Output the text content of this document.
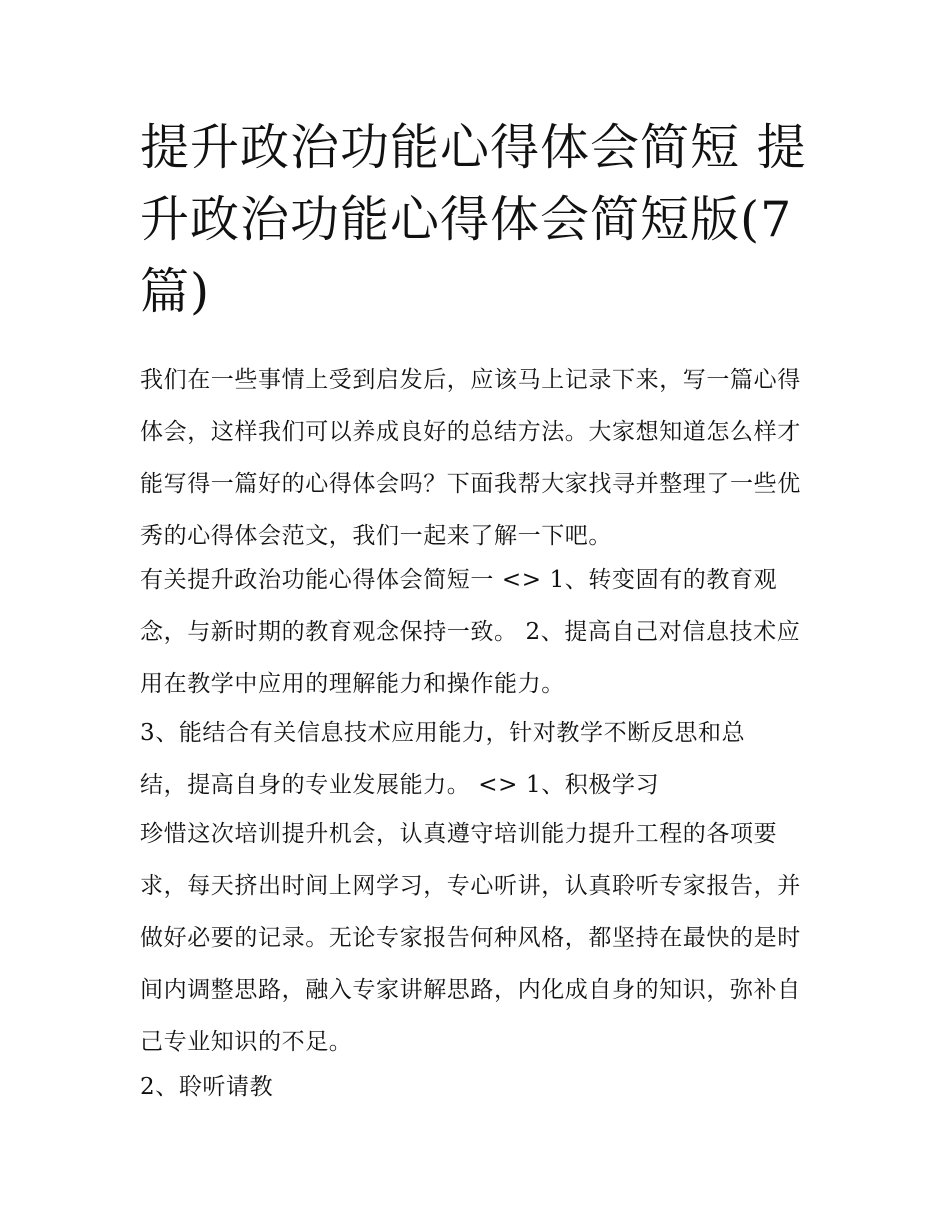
提升政治功能心得体会简短 提升政治功能心得体会简短版(7篇)

我们在一些事情上受到启发后，应该马上记录下来，写一篇心得体会，这样我们可以养成良好的总结方法。大家想知道怎么样才能写得一篇好的心得体会吗？下面我帮大家找寻并整理了一些优秀的心得体会范文，我们一起来了解一下吧。

有关提升政治功能心得体会简短一 <> 1、转变固有的教育观念，与新时期的教育观念保持一致。 2、提高自己对信息技术应用在教学中应用的理解能力和操作能力。

3、能结合有关信息技术应用能力，针对教学不断反思和总
结，提高自身的专业发展能力。 <> 1、积极学习

珍惜这次培训提升机会，认真遵守培训能力提升工程的各项要求，每天挤出时间上网学习，专心听讲，认真聆听专家报告，并做好必要的记录。无论专家报告何种风格，都坚持在最快的是时间内调整思路，融入专家讲解思路，内化成自身的知识，弥补自己专业知识的不足。

2、聆听请教
